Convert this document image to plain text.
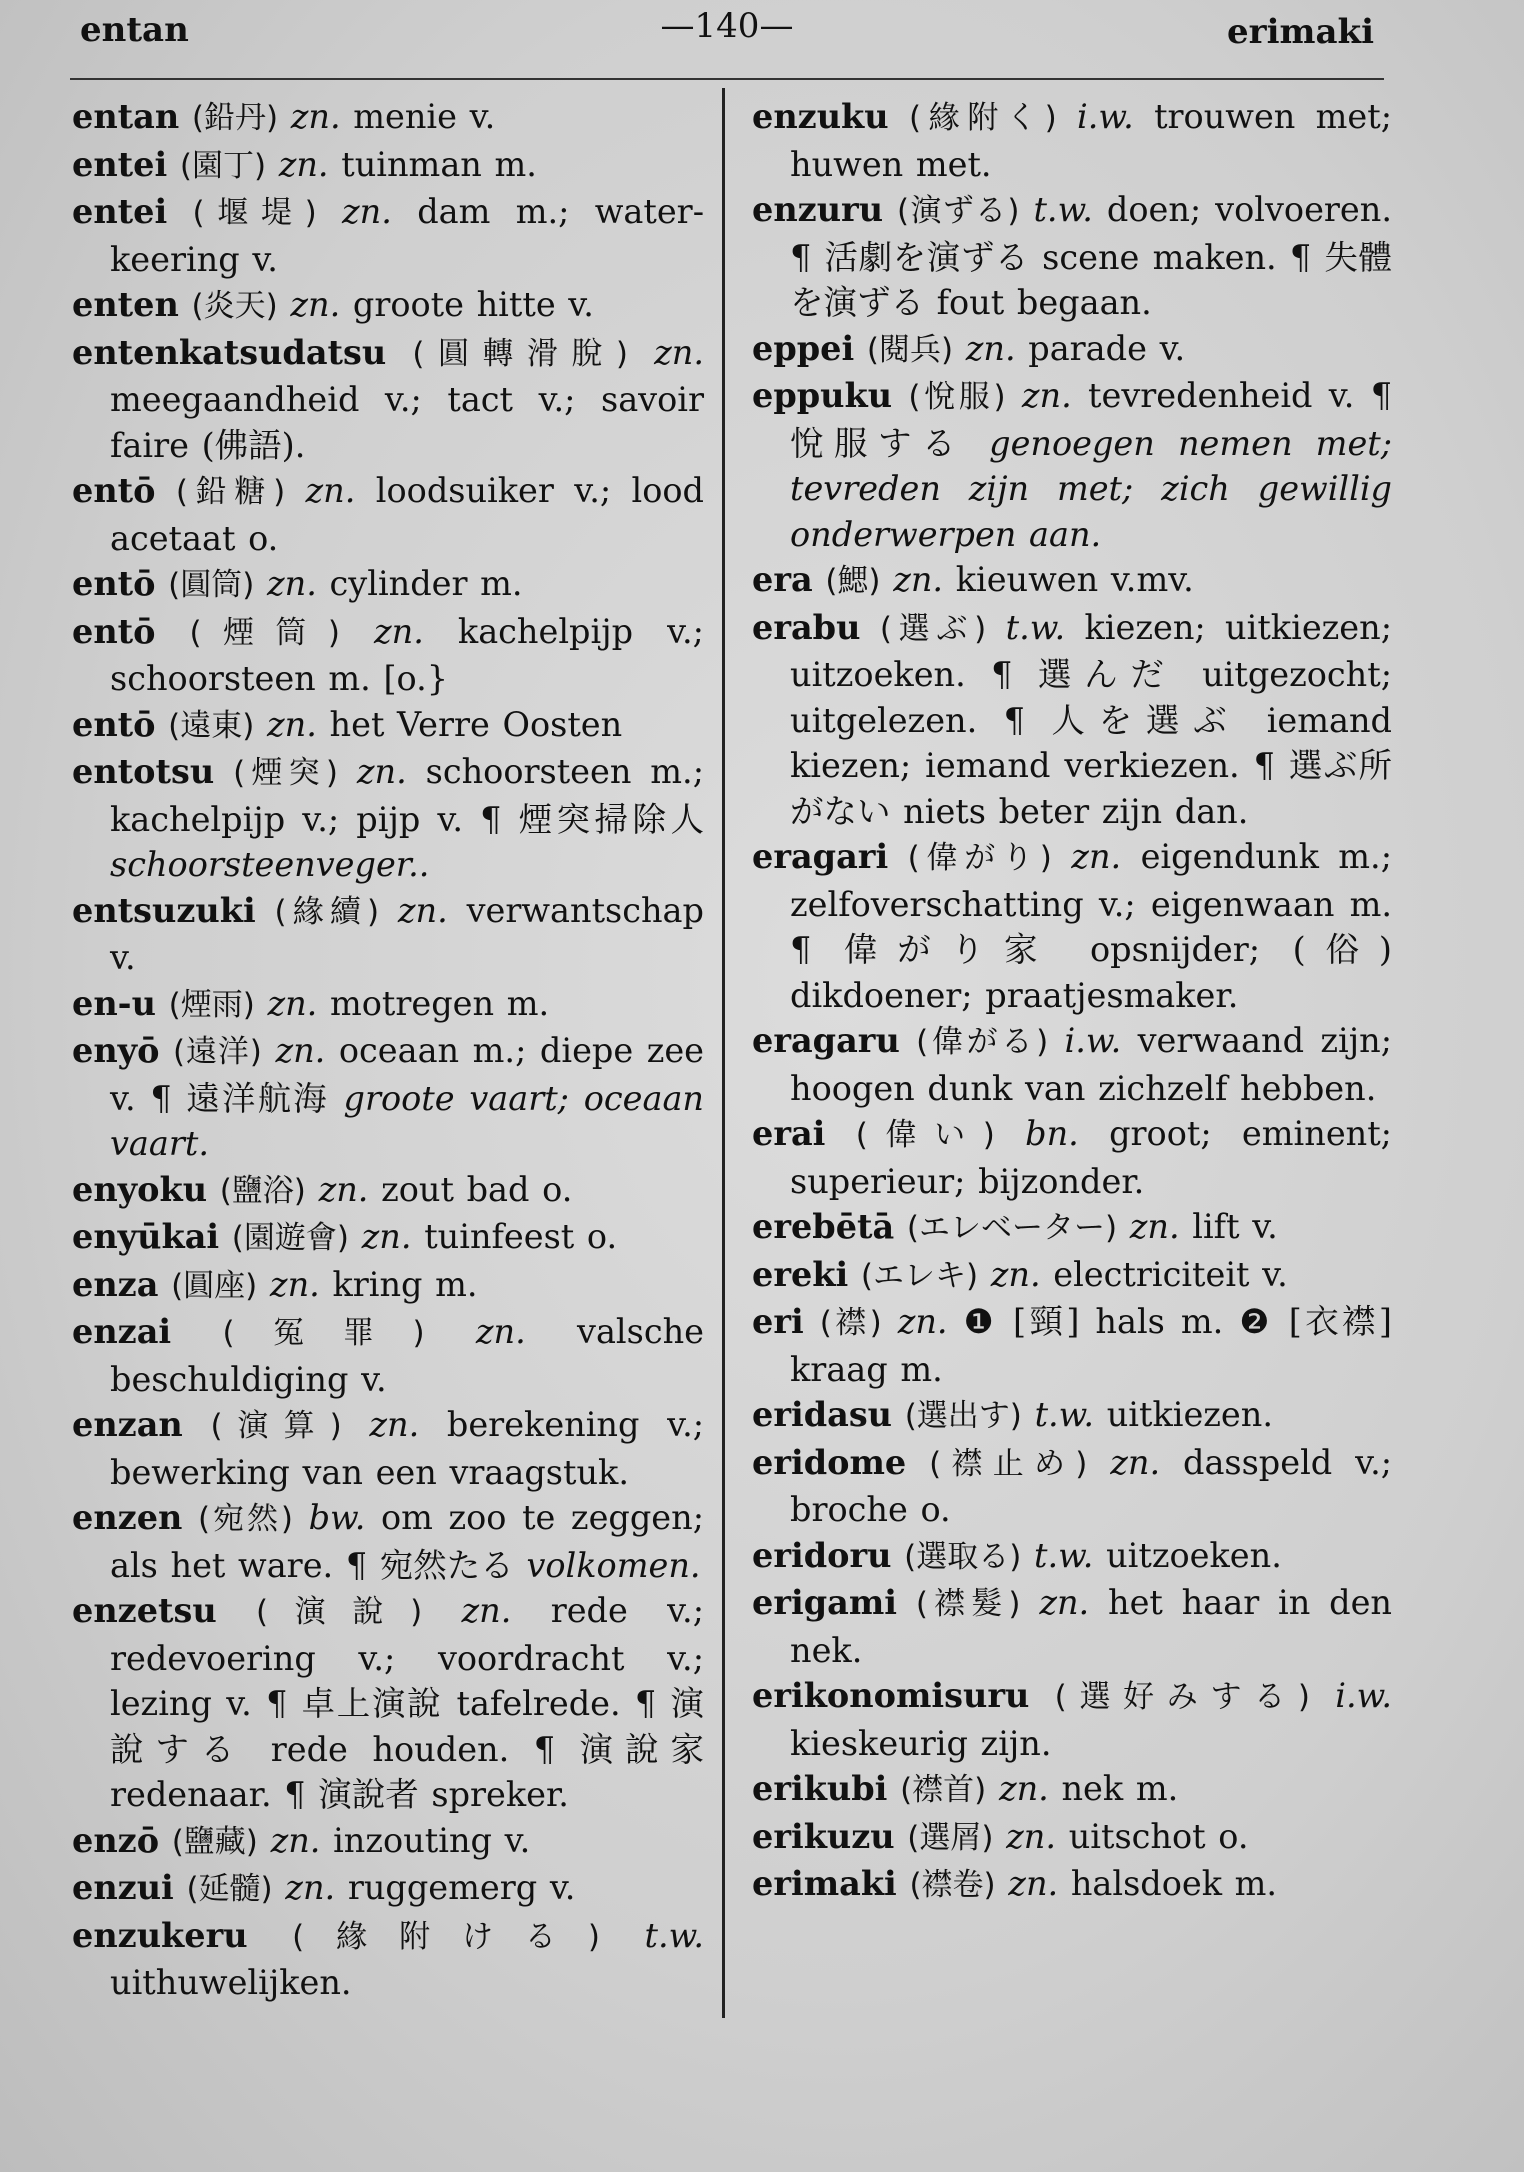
entan	—140—	erimaki

entan (鉛丹) zn. menie v.

entei (園丁) zn. tuinman m.

entei (堰堤) zn. dam m.; water-keering v.

enten (炎天) zn. groote hitte v.

entenkatsudatsu (圓轉滑脫) zn. meegaandheid v.; tact v.; savoir faire (佛語).

entō (鉛糖) zn. loodsuiker v.; lood acetaat o.

entō (圓筒) zn. cylinder m.

entō (煙筒) zn. kachelpijp v.; schoorsteen m. [o.}

entō (遠東) zn. het Verre Oosten

entotsu (煙突) zn. schoorsteen m.; kachelpijp v.; pijp v. ¶ 煙突掃除人 schoorsteenveger..

entsuzuki (緣續) zn. verwantschap v.

en-u (煙雨) zn. motregen m.

enyō (遠洋) zn. oceaan m.; diepe zee v. ¶ 遠洋航海 groote vaart; oceaan vaart.

enyoku (鹽浴) zn. zout bad o.

enyūkai (園遊會) zn. tuinfeest o.

enza (圓座) zn. kring m.

enzai (冤罪) zn. valsche beschuldiging v.

enzan (演算) zn. berekening v.; bewerking van een vraagstuk.

enzen (宛然) bw. om zoo te zeggen; als het ware. ¶ 宛然たる volkomen.

enzetsu (演說) zn. rede v.; redevoering v.; voordracht v.; lezing v. ¶ 卓上演說 tafelrede. ¶ 演說する rede houden. ¶ 演說家 redenaar. ¶ 演說者 spreker.

enzō (鹽藏) zn. inzouting v.

enzui (延髓) zn. ruggemerg v.

enzukeru (緣附ける) t.w. uithuwelijken.

enzuku (緣附く) i.w. trouwen met; huwen met.

enzuru (演ずる) t.w. doen; volvoeren. ¶ 活劇を演ずる scene maken. ¶ 失體を演ずる fout begaan.

eppei (閱兵) zn. parade v.

eppuku (悅服) zn. tevredenheid v. ¶ 悅服する genoegen nemen met; tevreden zijn met; zich gewillig onderwerpen aan.

era (鰓) zn. kieuwen v.mv.

erabu (選ぶ) t.w. kiezen; uitkiezen; uitzoeken. ¶ 選んだ uitgezocht; uitgelezen. ¶ 人を選ぶ iemand kiezen; iemand verkiezen. ¶ 選ぶ所がない niets beter zijn dan.

eragari (偉がり) zn. eigendunk m.; zelfoverschatting v.; eigenwaan m. ¶ 偉がり家 opsnijder; (俗) dikdoener; praatjesmaker.

eragaru (偉がる) i.w. verwaand zijn; hoogen dunk van zichzelf hebben.

erai (偉い) bn. groot; eminent; superieur; bijzonder.

erebētā (エレベーター) zn. lift v.

ereki (エレキ) zn. electriciteit v.

eri (襟) zn. ❶ [頸] hals m. ❷ [衣襟] kraag m.

eridasu (選出す) t.w. uitkiezen.

eridome (襟止め) zn. dasspeld v.; broche o.

eridoru (選取る) t.w. uitzoeken.

erigami (襟髮) zn. het haar in den nek.

erikonomisuru (選好みする) i.w. kieskeurig zijn.

erikubi (襟首) zn. nek m.

erikuzu (選屑) zn. uitschot o.

erimaki (襟卷) zn. halsdoek m.
